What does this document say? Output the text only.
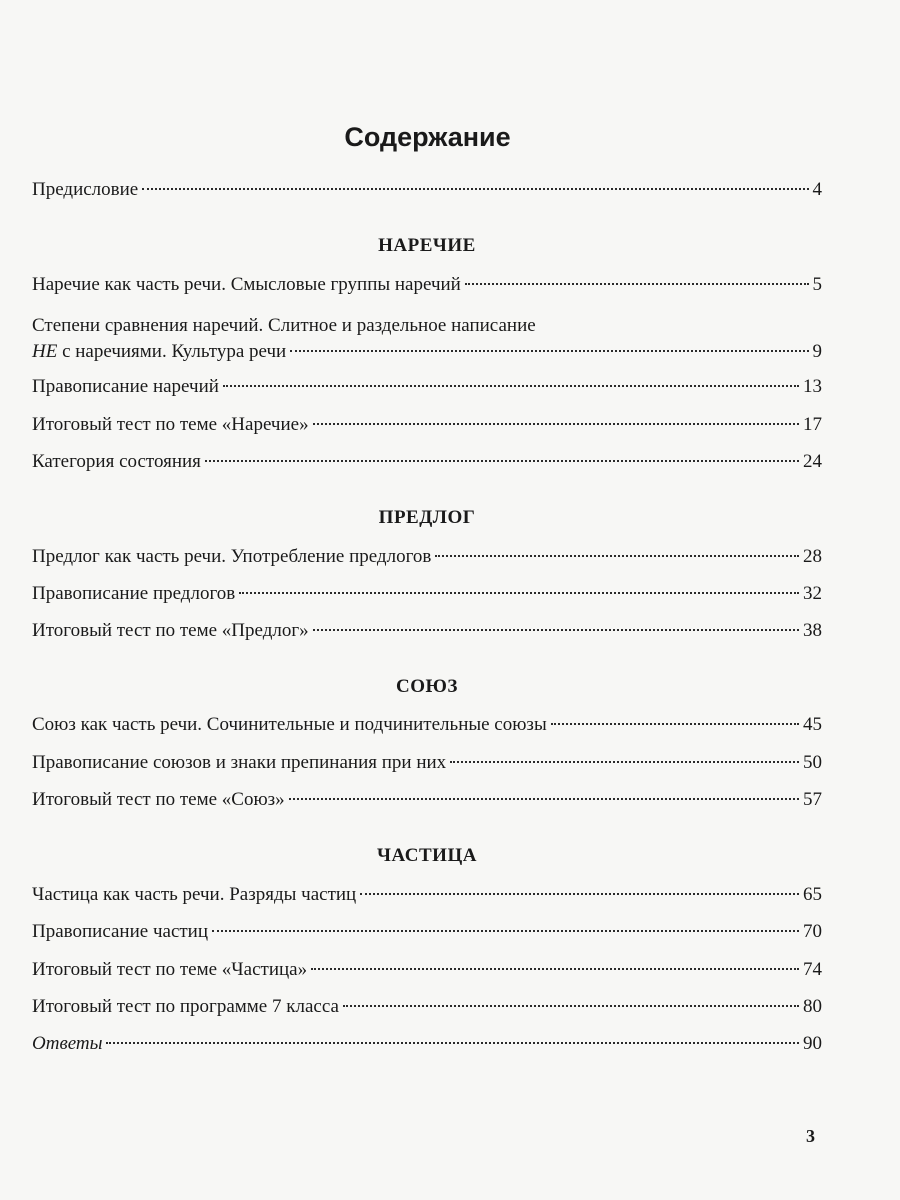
Содержание
Предисловие	4
НАРЕЧИЕ
Наречие как часть речи. Смысловые группы наречий	5
Степени сравнения наречий. Слитное и раздельное написание
НЕ с наречиями. Культура речи	9
Правописание наречий	13
Итоговый тест по теме «Наречие»	17
Категория состояния	24
ПРЕДЛОГ
Предлог как часть речи. Употребление предлогов	28
Правописание предлогов	32
Итоговый тест по теме «Предлог»	38
СОЮЗ
Союз как часть речи. Сочинительные и подчинительные союзы	45
Правописание союзов и знаки препинания при них	50
Итоговый тест по теме «Союз»	57
ЧАСТИЦА
Частица как часть речи. Разряды частиц	65
Правописание частиц	70
Итоговый тест по теме «Частица»	74
Итоговый тест по программе 7 класса	80
Ответы	90
3
